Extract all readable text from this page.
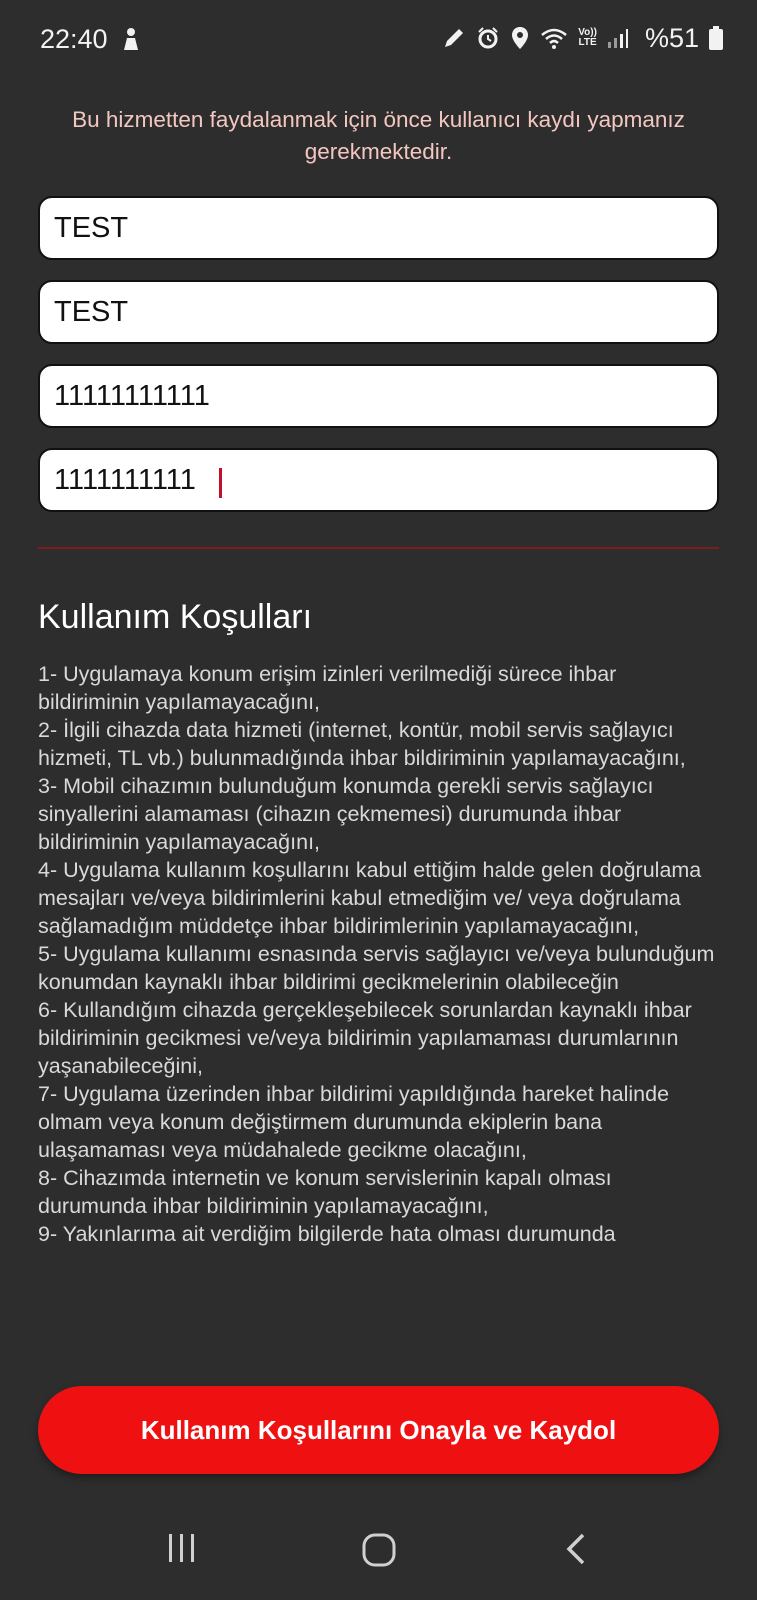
22:40	Vo))
LTE %51
Bu hizmetten faydalanmak için önce kullanıcı kaydı yapmanız gerekmektedir.
TEST
TEST
11111111111
1111111111
Kullanım Koşulları

1- Uygulamaya konum erişim izinleri verilmediği sürece ihbar bildiriminin yapılamayacağını,

2- İlgili cihazda data hizmeti (internet, kontür, mobil servis sağlayıcı hizmeti, TL vb.) bulunmadığında ihbar bildiriminin yapılamayacağını,

3- Mobil cihazımın bulunduğum konumda gerekli servis sağlayıcı sinyallerini alamaması (cihazın çekmemesi) durumunda ihbar bildiriminin yapılamayacağını,

4- Uygulama kullanım koşullarını kabul ettiğim halde gelen doğrulama mesajları ve/veya bildirimlerini kabul etmediğim ve/ veya doğrulama sağlamadığım müddetçe ihbar bildirimlerinin yapılamayacağını,

5- Uygulama kullanımı esnasında servis sağlayıcı ve/veya bulunduğum konumdan kaynaklı ihbar bildirimi gecikmelerinin olabileceğin

6- Kullandığım cihazda gerçekleşebilecek sorunlardan kaynaklı ihbar bildiriminin gecikmesi ve/veya bildirimin yapılamaması durumlarının yaşanabileceğini,

7- Uygulama üzerinden ihbar bildirimi yapıldığında hareket halinde olmam veya konum değiştirmem durumunda ekiplerin bana ulaşamaması veya müdahalede gecikme olacağını,

8- Cihazımda internetin ve konum servislerinin kapalı olması durumunda ihbar bildiriminin yapılamayacağını,

9- Yakınlarıma ait verdiğim bilgilerde hata olması durumunda

Kullanım Koşullarını Onayla ve Kaydol
